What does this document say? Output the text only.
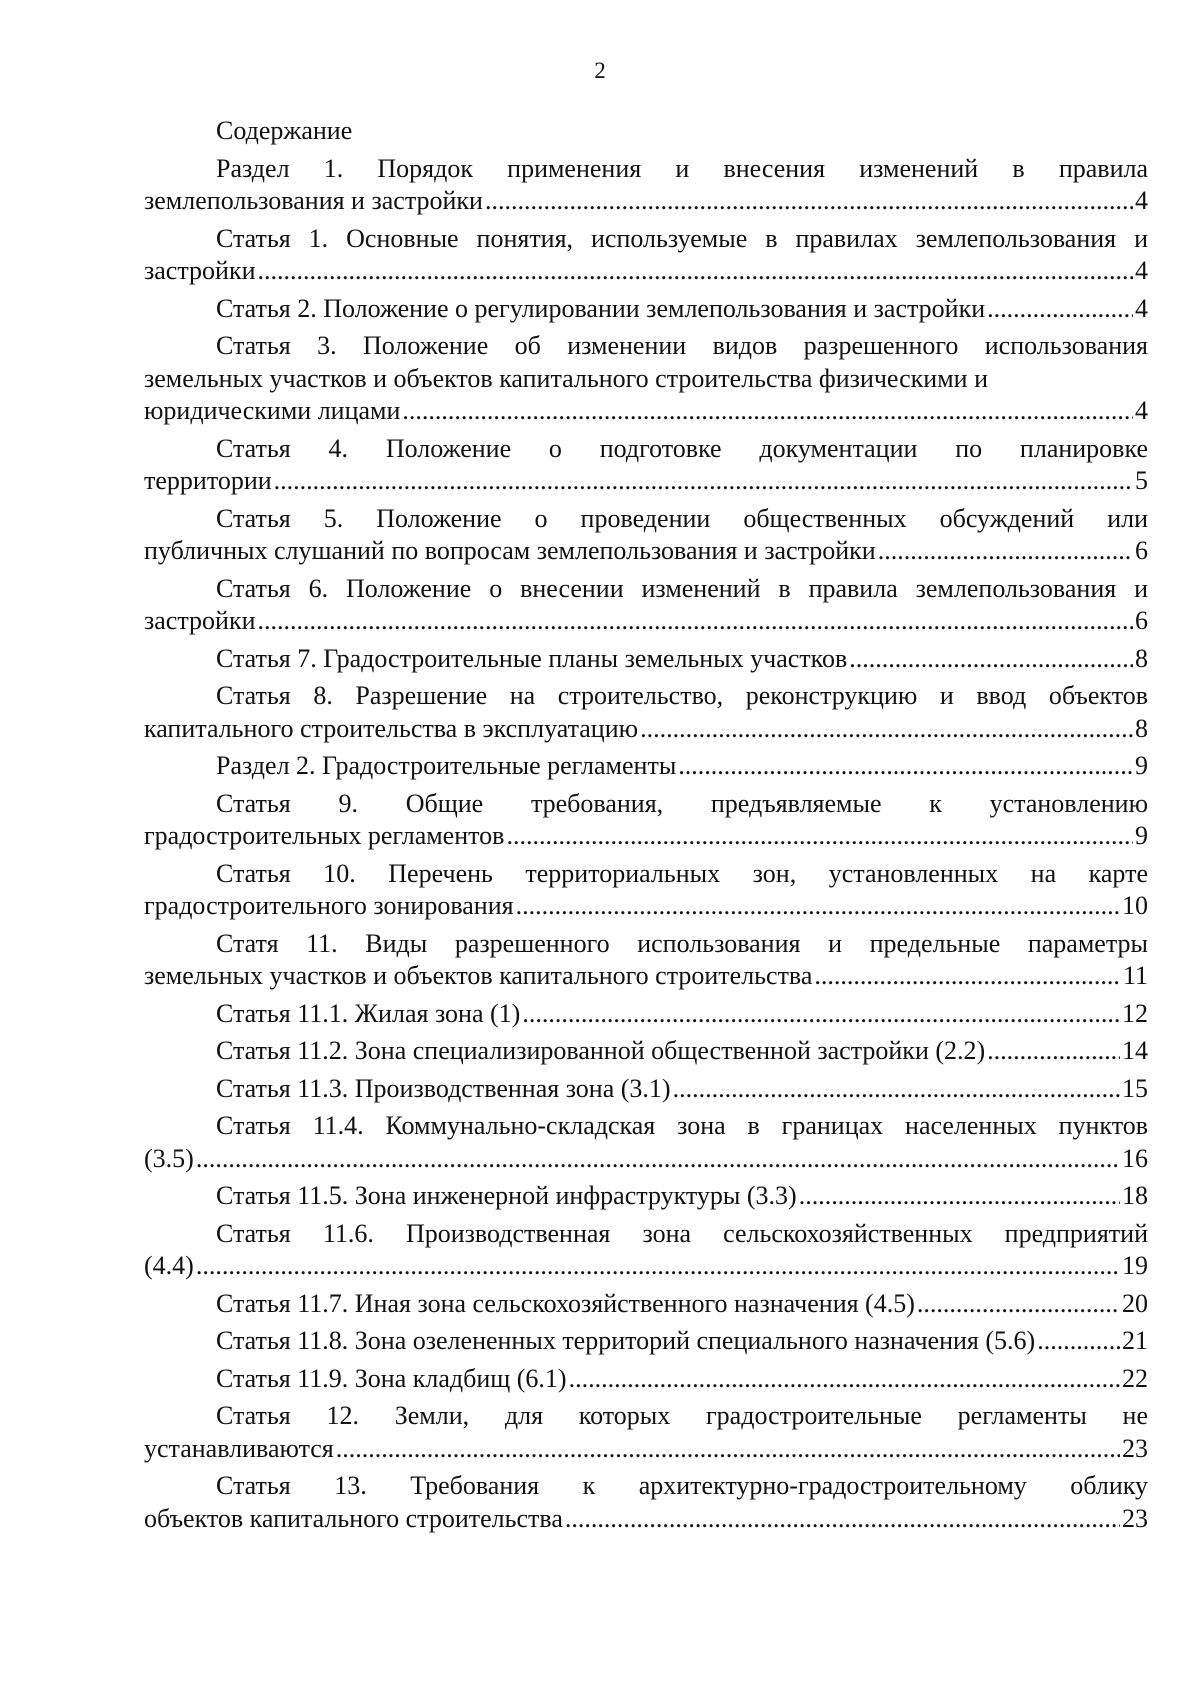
2
Содержание
Раздел 1. Порядок применения и внесения изменений в правила
землепользования и застройки .....	4
Статья 1. Основные понятия, используемые в правилах землепользования и
застройки .....	4
Статья 2. Положение о регулировании землепользования и застройки .....	4
Статья 3. Положение об изменении видов разрешенного использования
земельных участков и объектов капитального строительства физическими и
юридическими лицами .....	4
Статья 4. Положение о подготовке документации по планировке
территории .....	5
Статья 5. Положение о проведении общественных обсуждений или
публичных слушаний по вопросам землепользования и застройки .....	6
Статья 6. Положение о внесении изменений в правила землепользования и
застройки .....	6
Статья 7. Градостроительные планы земельных участков .....	8
Статья 8. Разрешение на строительство, реконструкцию и ввод объектов
капитального строительства в эксплуатацию .....	8
Раздел 2. Градостроительные регламенты .....	9
Статья 9. Общие требования, предъявляемые к установлению
градостроительных регламентов .....	9
Статья 10. Перечень территориальных зон, установленных на карте
градостроительного зонирования .....	10
Статя 11. Виды разрешенного использования и предельные параметры
земельных участков и объектов капитального строительства .....	11
Статья 11.1. Жилая зона (1) .....	12
Статья 11.2. Зона специализированной общественной застройки (2.2) .....	14
Статья 11.3. Производственная зона (3.1) .....	15
Статья 11.4. Коммунально-складская зона в границах населенных пунктов
(3.5) .....	16
Статья 11.5. Зона инженерной инфраструктуры (3.3) .....	18
Статья 11.6. Производственная зона сельскохозяйственных предприятий
(4.4) .....	19
Статья 11.7. Иная зона сельскохозяйственного назначения (4.5) .....	20
Статья 11.8. Зона озелененных территорий специального назначения (5.6) .....	21
Статья 11.9. Зона кладбищ (6.1) .....	22
Статья 12. Земли, для которых градостроительные регламенты не
устанавливаются .....	23
Статья 13. Требования к архитектурно-градостроительному облику
объектов капитального строительства .....	23
